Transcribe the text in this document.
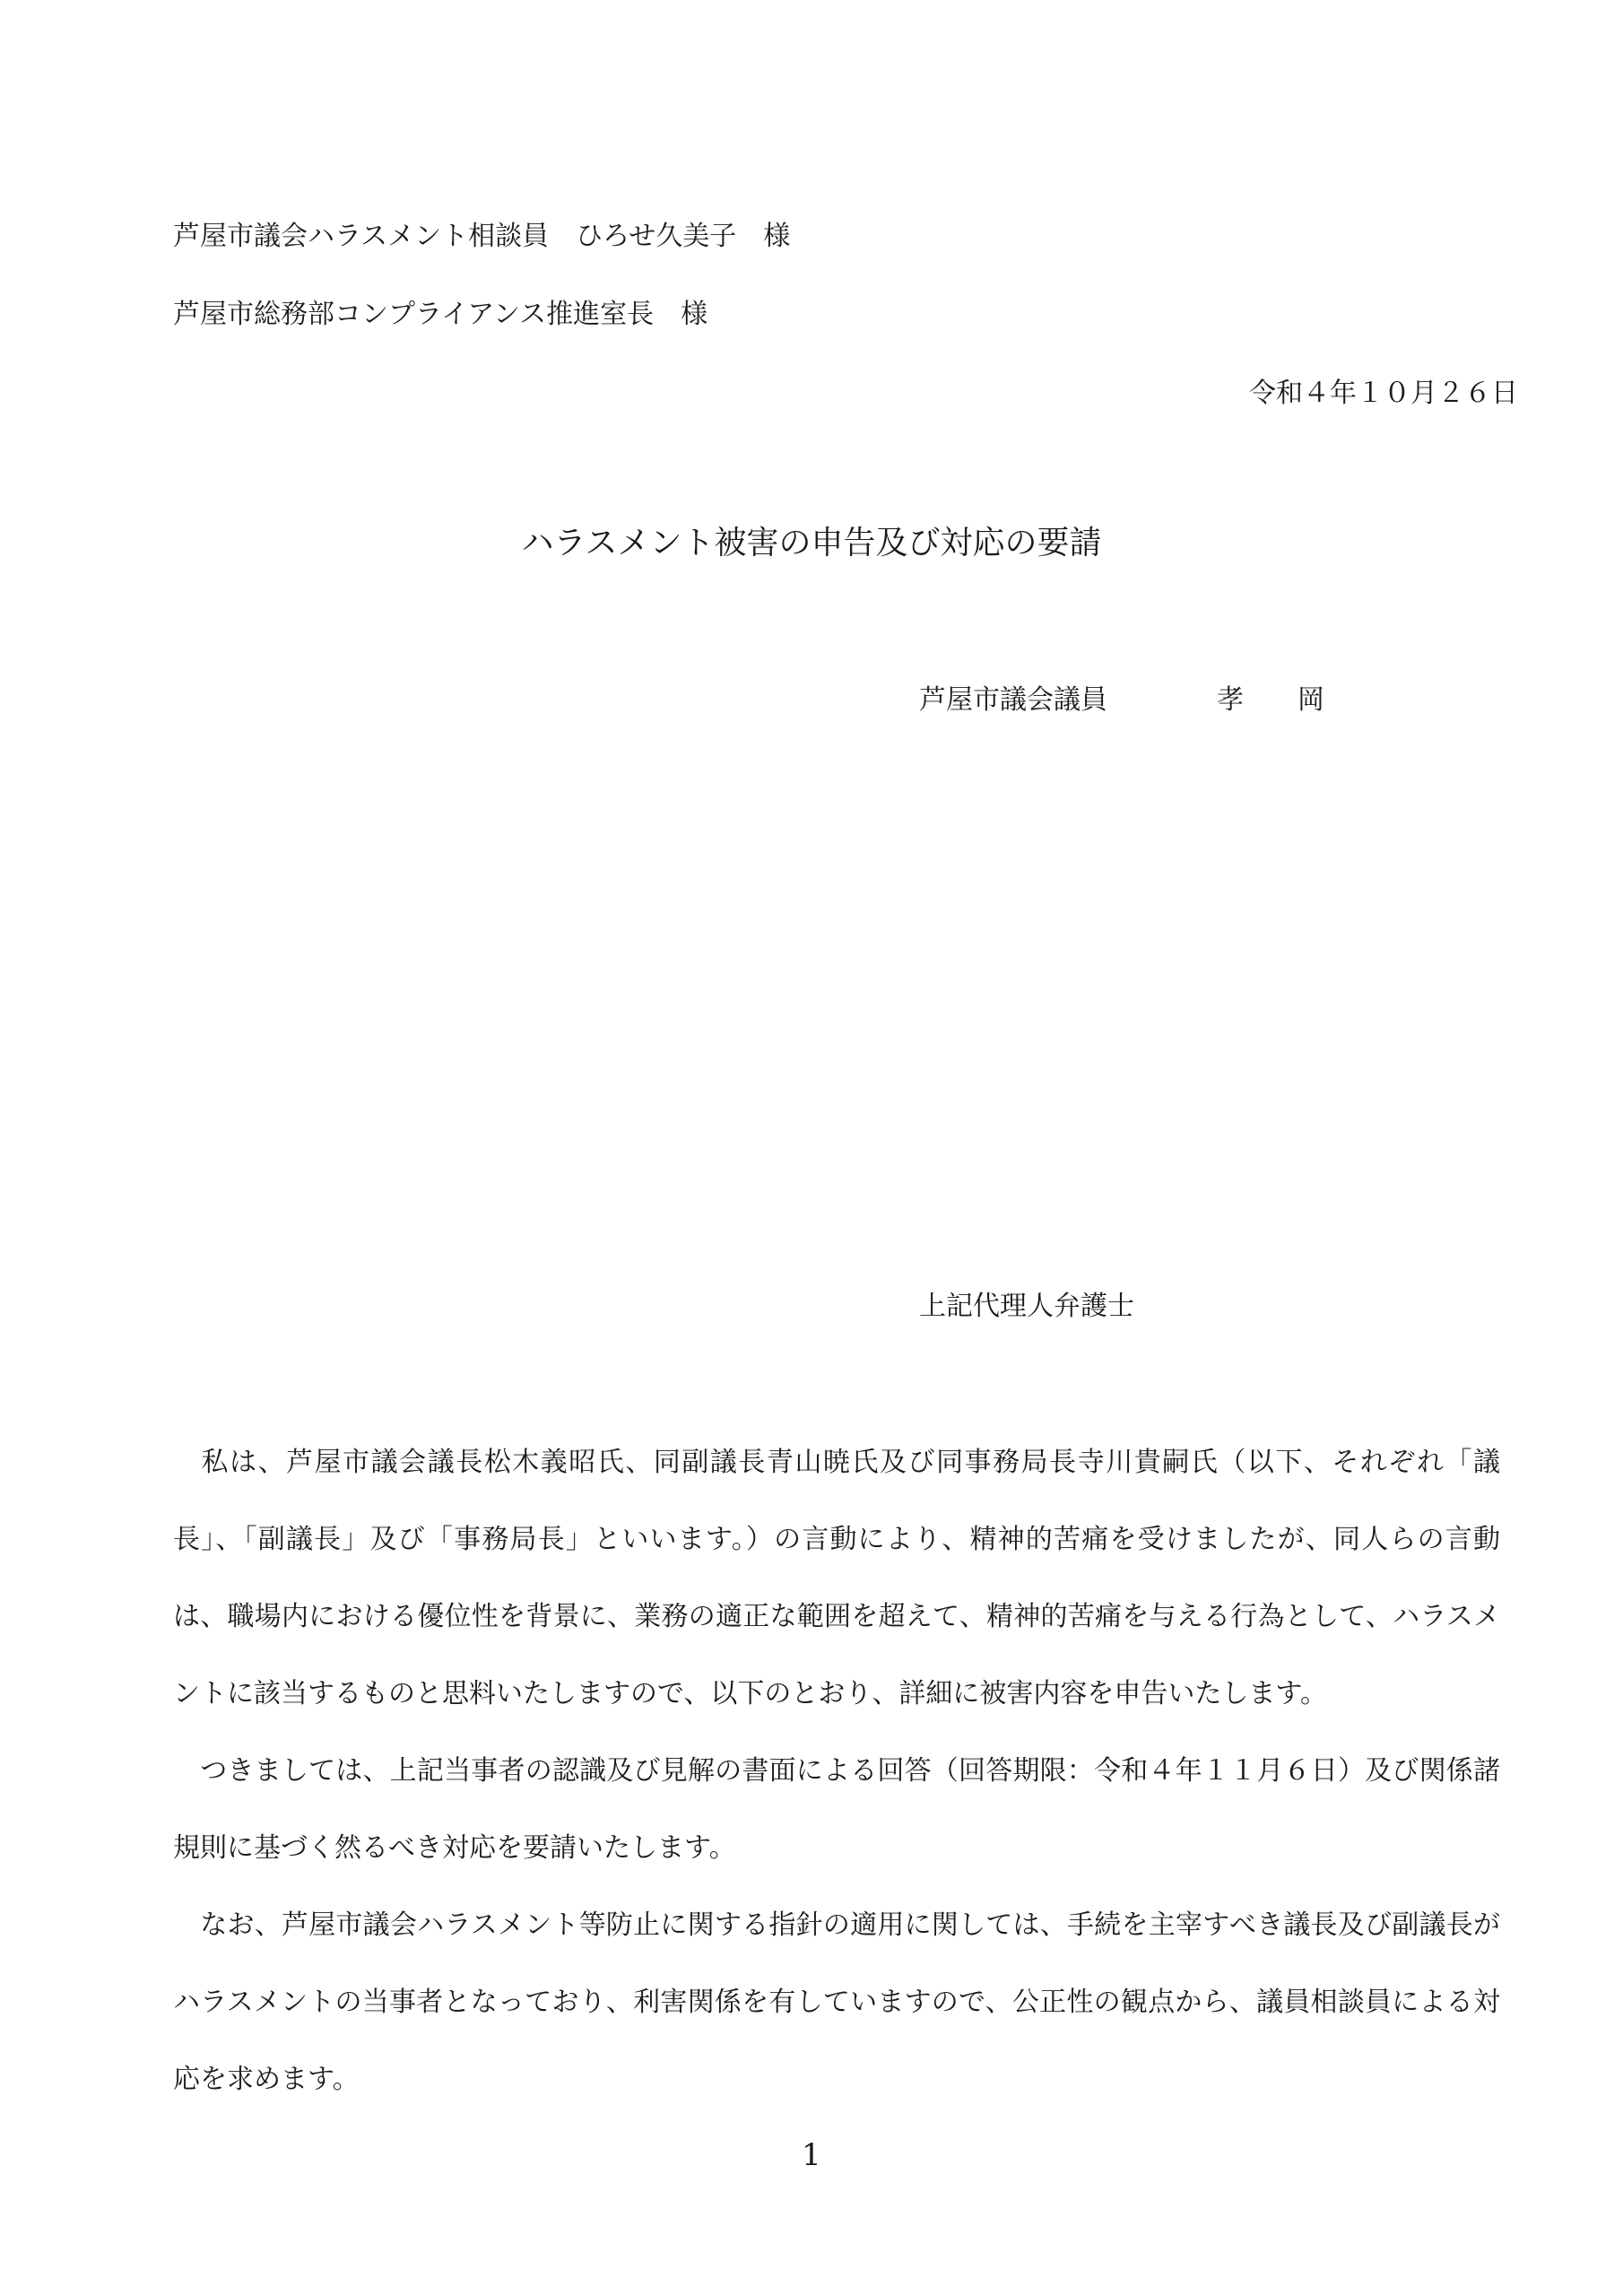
芦屋市議会ハラスメント相談員　ひろせ久美子　様
芦屋市総務部コンプライアンス推進室長　様
令和４年１０月２６日
ハラスメント被害の申告及び対応の要請
芦屋市議会議員	孝岡
上記代理人弁護士
私は、芦屋市議会議長松木義昭氏、同副議長青山暁氏及び同事務局長寺川貴嗣氏（以下、それぞれ「議長」、「副議長」及び「事務局長」といいます。）の言動により、精神的苦痛を受けましたが、同人らの言動は、職場内における優位性を背景に、業務の適正な範囲を超えて、精神的苦痛を与える行為として、ハラスメントに該当するものと思料いたしますので、以下のとおり、詳細に被害内容を申告いたします。
つきましては、上記当事者の認識及び見解の書面による回答（回答期限：令和４年１１月６日）及び関係諸規則に基づく然るべき対応を要請いたします。
なお、芦屋市議会ハラスメント等防止に関する指針の適用に関しては、手続を主宰すべき議長及び副議長がハラスメントの当事者となっており、利害関係を有していますので、公正性の観点から、議員相談員による対応を求めます。
1
